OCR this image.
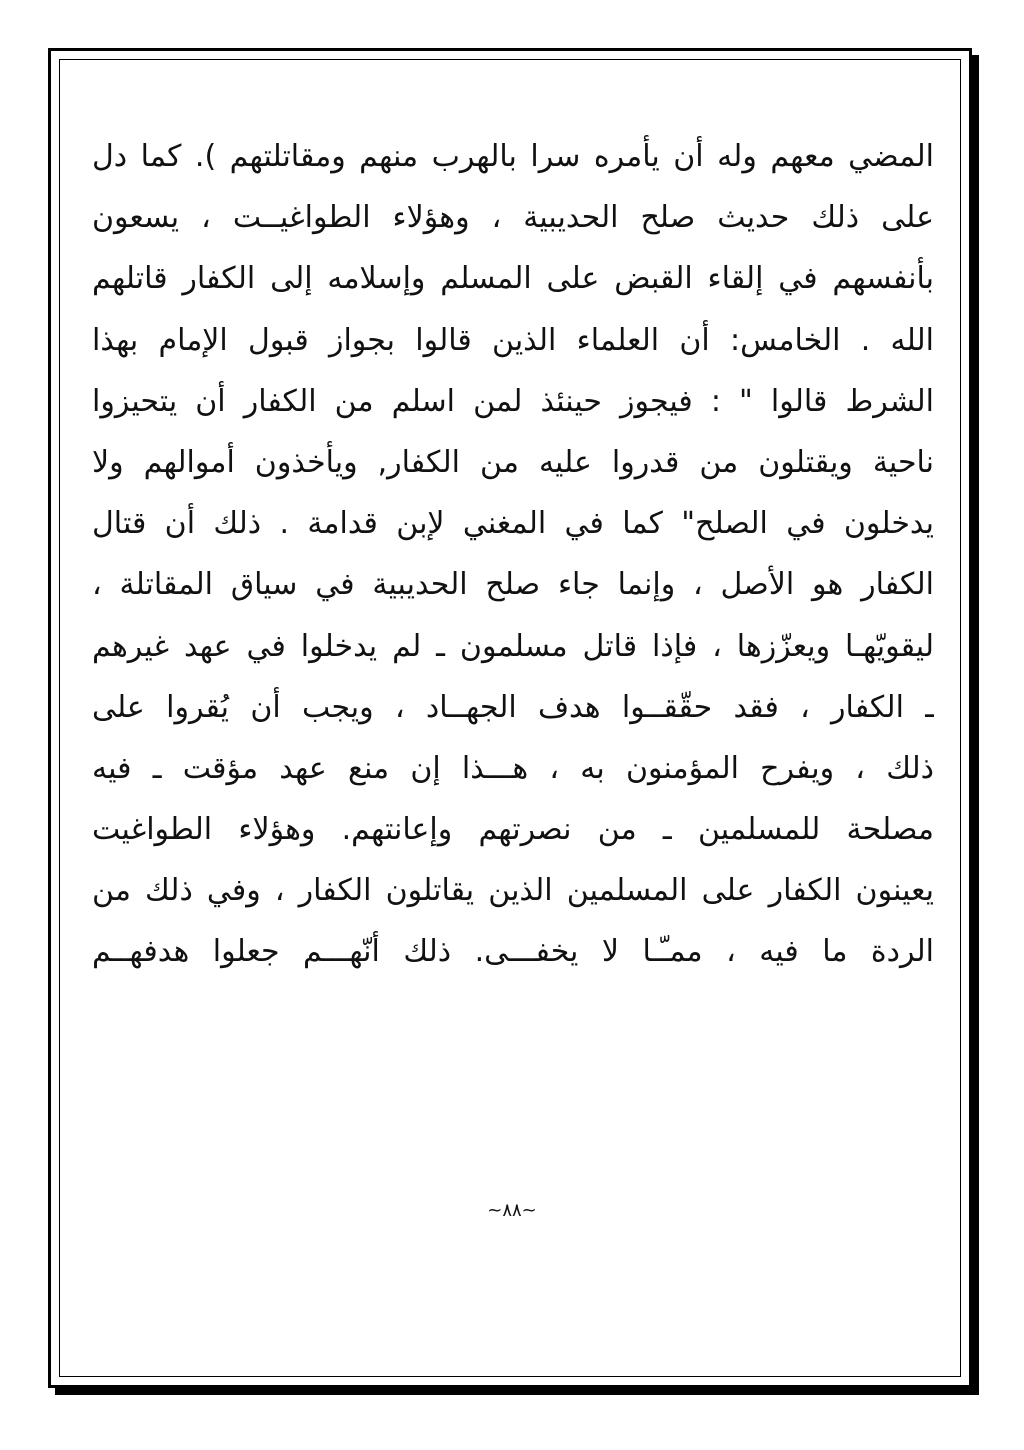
المضي معهم وله أن يأمره سرا بالهرب منهم ومقاتلتهم ). كما دل
على ذلك حديث صلح الحديبية ، وهؤلاء الطواغيــت ، يسعون
بأنفسهم في إلقاء القبض على المسلم وإسلامه إلى الكفار قاتلهم
الله . الخامس: أن العلماء الذين قالوا بجواز قبول الإمام بهذا
الشرط قالوا " : فيجوز حينئذ لمن اسلم من الكفار أن يتحيزوا
ناحية ويقتلون من قدروا عليه من الكفار, ويأخذون أموالهم ولا
يدخلون في الصلح" كما في المغني لإبن قدامة . ذلك أن قتال
الكفار هو الأصل ، وإنما جاء صلح الحديبية في سياق المقاتلة ،
ليقويّهـا ويعزّزها ، فإذا قاتل مسلمون ـ لم يدخلوا في عهد غيرهم
ـ الكفار ، فقد حقّقــوا هدف الجهــاد ، ويجب أن يُقروا على
ذلك ، ويفرح المؤمنون به ، هـــذا إن منع عهد مؤقت ـ فيه
مصلحة للمسلمين ـ من نصرتهم وإعانتهم. وهؤلاء الطواغيت
يعينون الكفار على المسلمين الذين يقاتلون الكفار ، وفي ذلك من
الردة ما فيه ، ممـّـا لا يخفـــى. ذلك أنّهـــم جعلوا هدفهــم
~٨٨~
